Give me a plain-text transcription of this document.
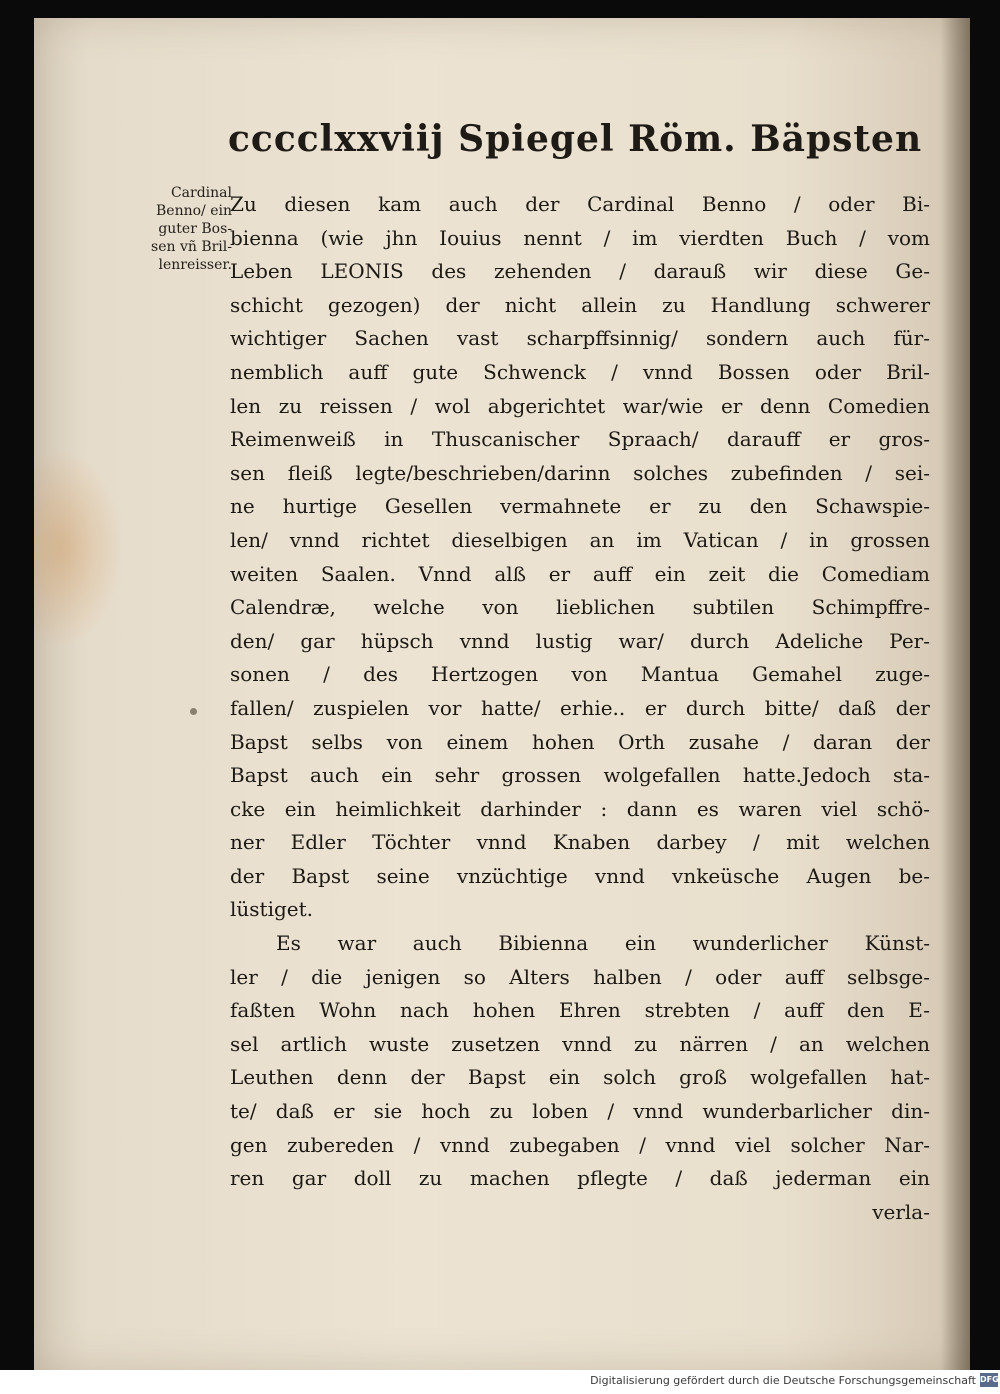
cccclxxviij Spiegel Röm. Bäpsten
Cardinal
Benno/ ein
guter Bos-
sen vñ Bril-
lenreisser.
Zu diesen kam auch der Cardinal Benno / oder Bi-
bienna (wie jhn Iouius nennt / im vierdten Buch / vom
Leben LEONIS des zehenden / darauß wir diese Ge-
schicht gezogen) der nicht allein zu Handlung schwerer
wichtiger Sachen vast scharpffsinnig/ sondern auch für-
nemblich auff gute Schwenck / vnnd Bossen oder Bril-
len zu reissen / wol abgerichtet war/wie er denn Comedien
Reimenweiß in Thuscanischer Spraach/ darauff er gros-
sen fleiß legte/beschrieben/darinn solches zubefinden / sei-
ne hurtige Gesellen vermahnete er zu den Schawspie-
len/ vnnd richtet dieselbigen an im Vatican / in grossen
weiten Saalen. Vnnd alß er auff ein zeit die Comediam
Calendræ, welche von lieblichen subtilen Schimpffre-
den/ gar hüpsch vnnd lustig war/ durch Adeliche Per-
sonen / des Hertzogen von Mantua Gemahel zuge-
fallen/ zuspielen vor hatte/ erhie.. er durch bitte/ daß der
Bapst selbs von einem hohen Orth zusahe / daran der
Bapst auch ein sehr grossen wolgefallen hatte.Jedoch sta-
cke ein heimlichkeit darhinder : dann es waren viel schö-
ner Edler Töchter vnnd Knaben darbey / mit welchen
der Bapst seine vnzüchtige vnnd vnkeüsche Augen be-
lüstiget.
Es war auch Bibienna ein wunderlicher Künst-
ler / die jenigen so Alters halben / oder auff selbsge-
faßten Wohn nach hohen Ehren strebten / auff den E-
sel artlich wuste zusetzen vnnd zu närren / an welchen
Leuthen denn der Bapst ein solch groß wolgefallen hat-
te/ daß er sie hoch zu loben / vnnd wunderbarlicher din-
gen zubereden / vnnd zubegaben / vnnd viel solcher Nar-
ren gar doll zu machen pflegte / daß jederman ein
verla-
Digitalisierung gefördert durch die Deutsche Forschungsgemeinschaft DFG
